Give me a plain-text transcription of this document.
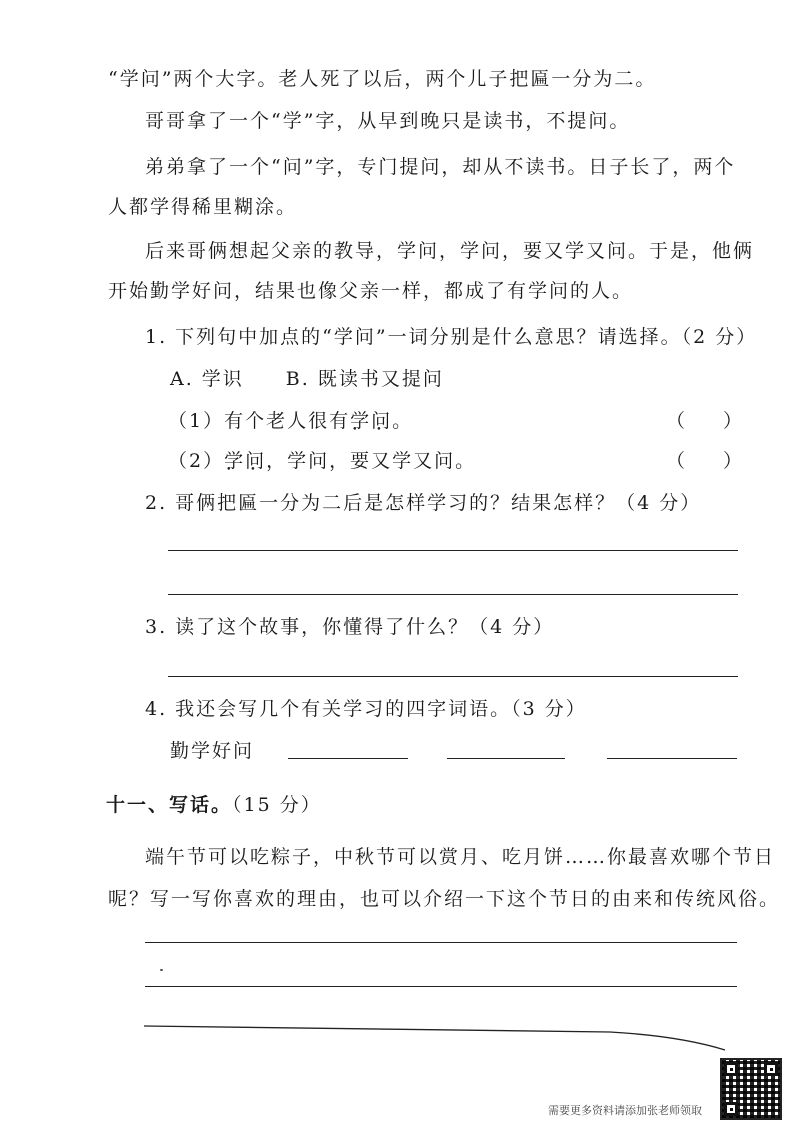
“学问”两个大字。老人死了以后，两个儿子把匾一分为二。
哥哥拿了一个“学”字，从早到晚只是读书，不提问。
弟弟拿了一个“问”字，专门提问，却从不读书。日子长了，两个
人都学得稀里糊涂。
后来哥俩想起父亲的教导，学问，学问，要又学又问。于是，他俩
开始勤学好问，结果也像父亲一样，都成了有学问的人。
1. 下列句中加点的“学问”一词分别是什么意思？请选择。（2 分）
A. 学识　　B. 既读书又提问
（1）有个老人很有学问 • •。	（　　）
（2）学问 • •，学问，要又学又问。	（　　）
2. 哥俩把匾一分为二后是怎样学习的？结果怎样？（4 分）
3. 读了这个故事，你懂得了什么？（4 分）
4. 我还会写几个有关学习的四字词语。（3 分）
勤学好问
十一、写话。（15 分）
端午节可以吃粽子，中秋节可以赏月、吃月饼……你最喜欢哪个节日
呢？写一写你喜欢的理由，也可以介绍一下这个节日的由来和传统风俗。
需要更多资料请添加张老师领取
